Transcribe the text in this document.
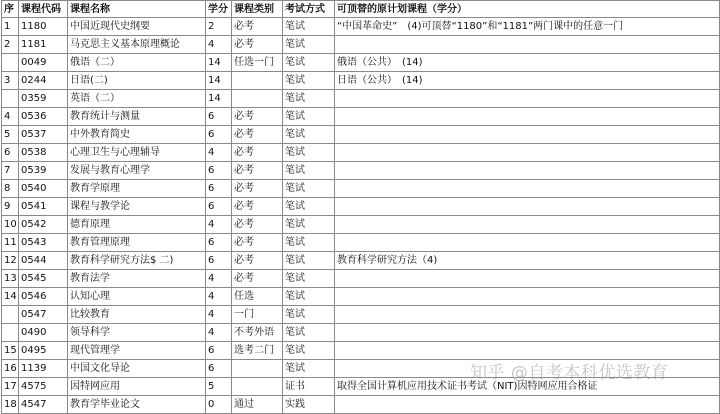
序	课程代码	课程名称	学分	课程类别	考试方式	可顶替的原计划课程（学分）
1	1180	中国近现代史纲要	2	必考	笔试	“中国革命史”　(4)可顶替“1180”和“1181”两门课中的任意一门
2	1181	马克思主义基本原理概论	4	必考	笔试	
	0049	俄语（二）	14	任选一门	笔试	俄语（公共）　(14)
3	0244	日语(二)	14		笔试	日语（公共）　(14)
	0359	英语（二）	14		笔试	
4	0536	教育统计与测量	6	必考	笔试	
5	0537	中外教育简史	6	必考	笔试	
6	0538	心理卫生与心理辅导	4	必考	笔试	
7	0539	发展与教育心理学	6	必考	笔试	
8	0540	教育学原理	6	必考	笔试	
9	0541	课程与教学论	6	必考	笔试	
10	0542	德育原理	4	必考	笔试	
11	0543	教育管理原理	6	必考	笔试	
12	0544	教育科学研究方法$ 二)	6	必考	笔试	教育科学研究方法（4)
13	0545	教育法学	4	必考	笔试	
14	0546	认知心理	4	任选	笔试	
	0547	比较教育	4	一门	笔试	
	0490	领导科学	4	不考外语	笔试	
15	0495	现代管理学	6	选考二门	笔试	
16	1139	中国文化导论	6		笔试	
17	4575	因特网应用	5		证书	取得全国计算机应用技术证书考试（NIT)因特网应用合格证
18	4547	教育学毕业论文	0	通过	实践	
知乎 @自考本科优选教育
